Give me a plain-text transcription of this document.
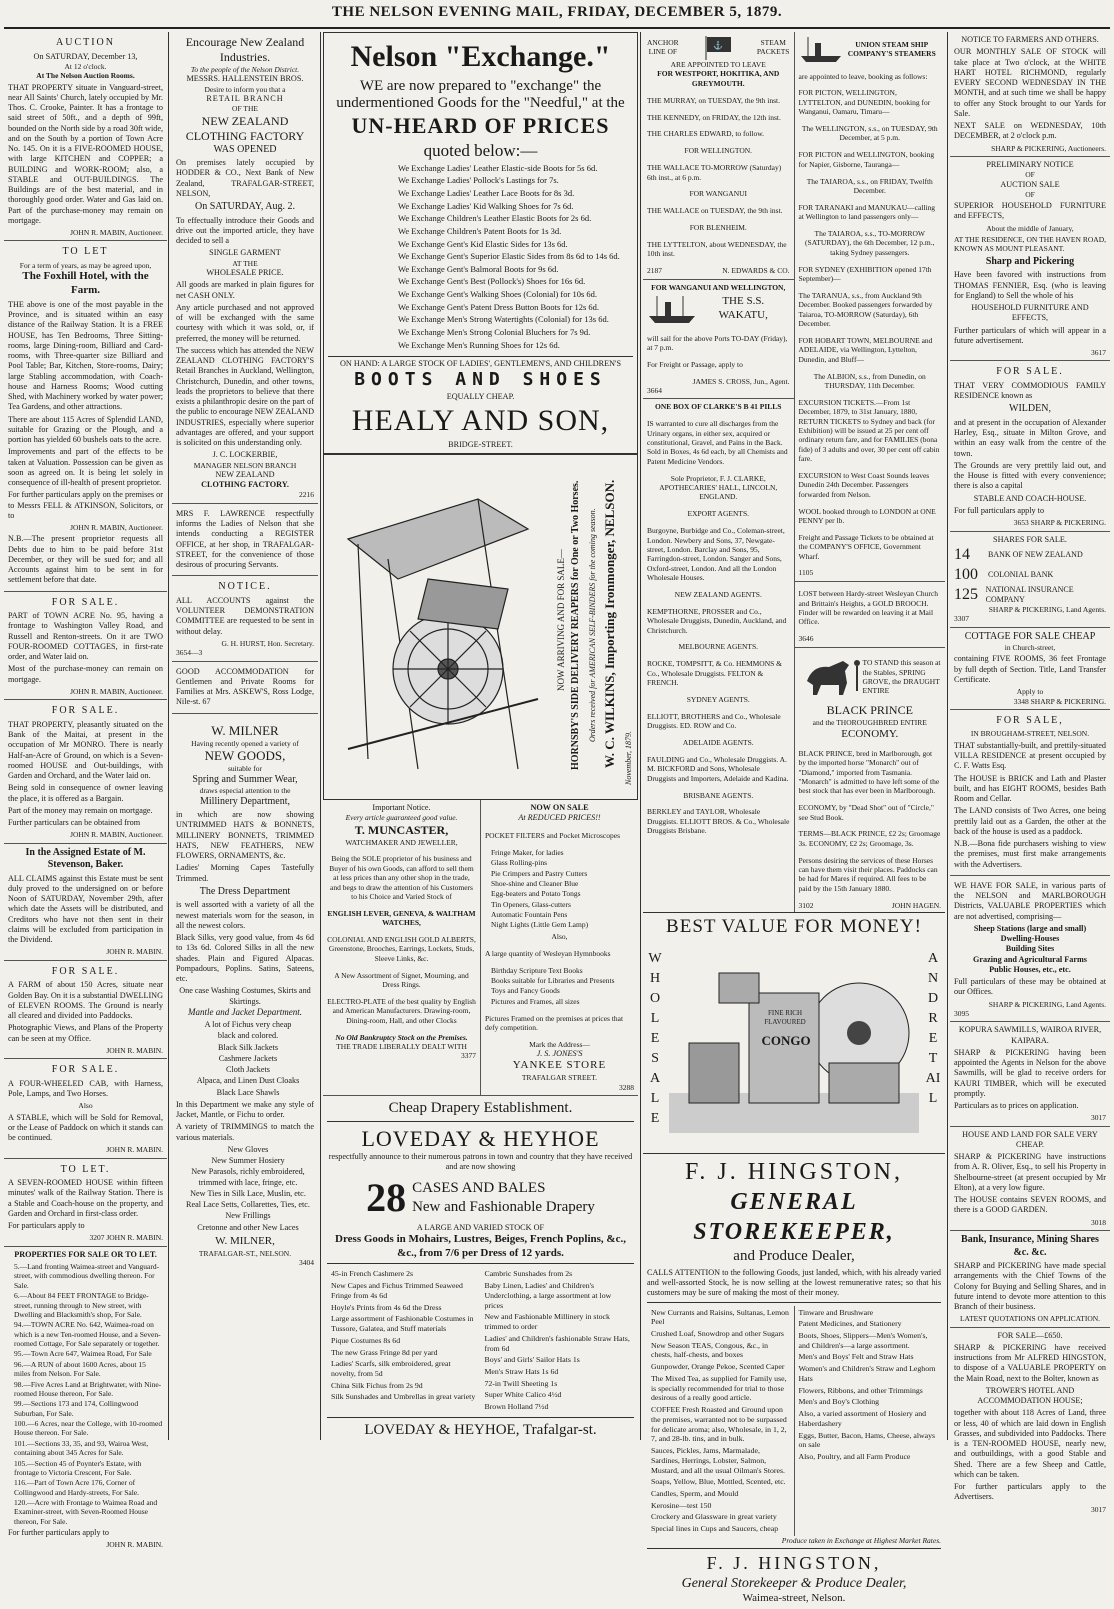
THE NELSON EVENING MAIL, FRIDAY, DECEMBER 5, 1879.
AUCTION
On SATURDAY, December 13,
At 12 o'clock.
At The Nelson Auction Rooms.

THAT PROPERTY situate in Vanguard-street, near All Saints' Church, lately occupied by Mr. Thos. C. Crooke, Painter. It has a frontage to said street of 50ft., and a depth of 99ft, bounded on the North side by a road 30ft wide, and on the South by a portion of Town Acre No. 145. On it is a FIVE-ROOMED HOUSE, with large KITCHEN and COPPER; a BUILDING and WORK-ROOM; also, a STABLE and OUT-BUILDINGS. The Buildings are of the best material, and in thoroughly good order. Water and Gas laid on. Part of the purchase-money may remain on mortgage.

JOHN R. MABIN, Auctioneer.
TO LET
For a term of years, as may be agreed upon,
The Foxhill Hotel, with the Farm.

THE above is one of the most payable in the Province, and is situated within an easy distance of the Railway Station. It is a FREE HOUSE, has Ten Bedrooms, Three Sitting-rooms, large Dining-room, Billiard and Card-rooms, with Three-quarter size Billiard and Pool Table; Bar, Kitchen, Store-rooms, Dairy; large Stabling accommodation, with Coach-house and Harness Rooms; Wood cutting Shed, with Machinery worked by water power; Tea Gardens, and other attractions.

There are about 115 Acres of Splendid LAND, suitable for Grazing or the Plough, and a portion has yielded 60 bushels oats to the acre.

Improvements and part of the effects to be taken at Valuation. Possession can be given as soon as agreed on. It is being let solely in consequence of ill-health of present proprietor.

For further particulars apply on the premises or to Messrs FELL & ATKINSON, Solicitors, or to

JOHN R. MABIN, Auctioneer.

N.B.—The present proprietor requests all Debts due to him to be paid before 31st December, or they will be sued for; and all Accounts against him to be sent in for settlement before that date.

FOR SALE.

PART of TOWN ACRE No. 95, having a frontage to Washington Valley Road, and Russell and Renton-streets. On it are TWO FOUR-ROOMED COTTAGES, in first-rate order, and Water laid on.

Most of the purchase-money can remain on mortgage.

JOHN R. MABIN, Auctioneer.
FOR SALE.

THAT PROPERTY, pleasantly situated on the Bank of the Maitai, at present in the occupation of Mr MONRO. There is nearly Half-an-Acre of Ground, on which is a Seven-roomed HOUSE and Out-buildings, with Garden and Orchard, and the Water laid on.

Being sold in consequence of owner leaving the place, it is offered as a Bargain.

Part of the money may remain on mortgage.

Further particulars can be obtained from

JOHN R. MABIN, Auctioneer.
In the Assigned Estate of M. Stevenson, Baker.

ALL CLAIMS against this Estate must be sent duly proved to the undersigned on or before Noon of SATURDAY, November 29th, after which date the Assets will be distributed, and Creditors who have not then sent in their claims will be excluded from participation in the Dividend.

JOHN R. MABIN.
FOR SALE.

A FARM of about 150 Acres, situate near Golden Bay. On it is a substantial DWELLING of ELEVEN ROOMS. The Ground is nearly all cleared and divided into Paddocks.

Photographic Views, and Plans of the Property can be seen at my Office.

JOHN R. MABIN.
FOR SALE.

A FOUR-WHEELED CAB, with Harness, Pole, Lamps, and Two Horses.

Also

A STABLE, which will be Sold for Removal, or the Lease of Paddock on which it stands can be continued.

JOHN R. MABIN.
TO LET.

A SEVEN-ROOMED HOUSE within fifteen minutes' walk of the Railway Station. There is a Stable and Coach-house on the property, and Garden and Orchard in first-class order.

For particulars apply to

3207 JOHN R. MABIN.
PROPERTIES FOR SALE OR TO LET.
5.—Land fronting Waimea-street and Vanguard-street, with commodious dwelling thereon. For Sale.
6.—About 84 FEET FRONTAGE to Bridge-street, running through to New street, with Dwelling and Blacksmith's shop, For Sale.
94.—TOWN ACRE No. 642, Waimea-road on which is a new Ten-roomed House, and a Seven-roomed Cottage, For Sale separately or together.
95.—Town Acre 647, Waimea Road, For Sale
96.—A RUN of about 1600 Acres, about 15 miles from Nelson. For Sale.
98.—Five Acres Land at Brightwater, with Nine-roomed House thereon, For Sale.
99.—Sections 173 and 174, Collingwood Suburban, For Sale.
100.—6 Acres, near the College, with 10-roomed House thereon. For Sale.
101.—Sections 33, 35, and 93, Wairoa West, containing about 345 Acres for Sale.
105.—Section 45 of Poynter's Estate, with frontage to Victoria Crescent, For Sale.
116.—Part of Town Acre 176, Corner of Collingwood and Hardy-streets, For Sale.
120.—Acre with Frontage to Waimea Road and Examiner-street, with Seven-Roomed House thereon, For Sale.

For further particulars apply to

JOHN R. MABIN.
Encourage New Zealand Industries.
To the people of the Nelson District.
MESSRS. HALLENSTEIN BROS.
Desire to inform you that a
RETAIL BRANCH
OF THE
NEW ZEALAND CLOTHING FACTORY
WAS OPENED

On premises lately occupied by HODDER & CO., Next Bank of New Zealand, TRAFALGAR-STREET, NELSON,

On SATURDAY, Aug. 2.

To effectually introduce their Goods and drive out the imported article, they have decided to sell a

SINGLE GARMENT
AT THE
WHOLESALE PRICE.

All goods are marked in plain figures for net CASH ONLY.

Any article purchased and not approved of will be exchanged with the same courtesy with which it was sold, or, if preferred, the money will be returned.

The success which has attended the NEW ZEALAND CLOTHING FACTORY'S Retail Branches in Auckland, Wellington, Christchurch, Dunedin, and other towns, leads the proprietors to believe that there exists a philanthropic desire on the part of the public to encourage NEW ZEALAND INDUSTRIES, especially where superior advantages are offered, and your support is solicited on this understanding only.

J. C. LOCKERBIE,
MANAGER NELSON BRANCH
NEW ZEALAND
CLOTHING FACTORY.
2216

MRS F. LAWRENCE respectfully informs the Ladies of Nelson that she intends conducting a REGISTER OFFICE, at her shop, in TRAFALGAR-STREET, for the convenience of those desirous of procuring Servants.

NOTICE.

ALL ACCOUNTS against the VOLUNTEER DEMONSTRATION COMMITTEE are requested to be sent in without delay.

G. H. HURST, Hon. Secretary.
3654—3

GOOD ACCOMMODATION for Gentlemen and Private Rooms for Families at Mrs. ASKEW'S, Ross Lodge, Nile-st. 67

W. MILNER
Having recently opened a variety of
NEW GOODS,
suitable for
Spring and Summer Wear,
draws especial attention to the
Millinery Department,

in which are now showing UNTRIMMED HATS & BONNETS, MILLINERY BONNETS, TRIMMED HATS, NEW FEATHERS, NEW FLOWERS, ORNAMENTS, &c.

Ladies' Morning Capes Tastefully Trimmed.

The Dress Department

is well assorted with a variety of all the newest materials worn for the season, in all the newest colors.

Black Silks, very good value, from 4s 6d to 13s 6d. Colored Silks in all the new shades. Plain and Figured Alpacas. Pompadours, Poplins. Satins, Sateens, etc.

One case Washing Costumes, Skirts and Skirtings.
Mantle and Jacket Department.
A lot of Fichus very cheap
black and colored.
Black Silk Jackets
Cashmere Jackets
Cloth Jackets
Alpaca, and Linen Dust Cloaks
Black Lace Shawls

In this Department we make any style of Jacket, Mantle, or Fichu to order.

A variety of TRIMMINGS to match the various materials.

New Gloves
New Summer Hosiery
New Parasols, richly embroidered, trimmed with lace, fringe, etc.
New Ties in Silk Lace, Muslin, etc.
Real Lace Setts, Collarettes, Ties, etc.
New Frillings
Cretonne and other New Laces
W. MILNER,
TRAFALGAR-ST., NELSON.
3404
Nelson "Exchange."
WE are now prepared to "exchange" the undermentioned Goods for the "Needful," at the
UN-HEARD OF PRICES
quoted below:—
We Exchange Ladies' Leather Elastic-side Boots for 5s 6d.
We Exchange Ladies' Pollock's Lastings for 7s.
We Exchange Ladies' Leather Lace Boots for 8s 3d.
We Exchange Ladies' Kid Walking Shoes for 7s 6d.
We Exchange Children's Leather Elastic Boots for 2s 6d.
We Exchange Children's Patent Boots for 1s 3d.
We Exchange Gent's Kid Elastic Sides for 13s 6d.
We Exchange Gent's Superior Elastic Sides from 8s 6d to 14s 6d.
We Exchange Gent's Balmoral Boots for 9s 6d.
We Exchange Gent's Best (Pollock's) Shoes for 16s 6d.
We Exchange Gent's Walking Shoes (Colonial) for 10s 6d.
We Exchange Gent's Patent Dress Button Boots for 12s 6d.
We Exchange Men's Strong Watertights (Colonial) for 13s 6d.
We Exchange Men's Strong Colonial Bluchers for 7s 9d.
We Exchange Men's Running Shoes for 12s 6d.
ON HAND: A LARGE STOCK OF LADIES', GENTLEMEN'S, AND CHILDREN'S
BOOTS AND SHOES
EQUALLY CHEAP.
HEALY AND SON,
BRIDGE-STREET.
NOW ARRIVING AND FOR SALE— HORNSBY'S SIDE DELIVERY REAPERS for One or Two Horses. Orders received for AMERICAN SELF-BINDERS for the coming season. W. C. WILKINS, Importing Ironmonger, NELSON. November, 1879.
Important Notice.
Every article guaranteed good value.
T. MUNCASTER,
WATCHMAKER AND JEWELLER,

Being the SOLE proprietor of his business and Buyer of his own Goods, can afford to sell them at less prices than any other shop in the trade, and begs to draw the attention of his Customers to his Choice and Varied Stock of

ENGLISH LEVER, GENEVA, & WALTHAM WATCHES,

COLONIAL AND ENGLISH GOLD ALBERTS, Greenstone, Brooches, Earrings, Lockets, Studs, Sleeve Links, &c.

A New Assortment of Signet, Mourning, and Dress Rings.

ELECTRO-PLATE of the best quality by English and American Manufacturers. Drawing-room, Dining-room, Hall, and other Clocks

No Old Bankruptcy Stock on the Premises.
THE TRADE LIBERALLY DEALT WITH
3377
NOW ON SALE
At REDUCED PRICES!!

POCKET FILTERS and Pocket Microscopes

Fringe Maker, for ladies
Glass Rolling-pins
Pie Crimpers and Pastry Cutters
Shoe-shine and Cleaner Blue
Egg-beaters and Potato Tongs
Tin Openers, Glass-cutters
Automatic Fountain Pens
Night Lights (Little Gem Lamp)
Also,

A large quantity of Wesleyan Hymnbooks

Birthday Scripture Text Books
Books suitable for Libraries and Presents
Toys and Fancy Goods
Pictures and Frames, all sizes

Pictures Framed on the premises at prices that defy competition.

Mark the Address—
J. S. JONES'S
YANKEE STORE
TRAFALGAR STREET.
3288
Cheap Drapery Establishment.
LOVEDAY & HEYHOE
respectfully announce to their numerous patrons in town and country that they have received and are now showing
28 CASES AND BALES
New and Fashionable Drapery
A LARGE AND VARIED STOCK OF
Dress Goods in Mohairs, Lustres, Beiges, French Poplins, &c., &c., from 7/6 per Dress of 12 yards.
45-in French Cashmere 2s
New Capes and Fichus Trimmed Seaweed Fringe from 4s 6d
Hoyle's Prints from 4s 6d the Dress
Large assortment of Fashionable Costumes in Tussore, Galatea, and Stuff materials
Pique Costumes 8s 6d
The new Grass Fringe 8d per yard
Ladies' Scarfs, silk embroidered, great novelty, from 5d
China Silk Fichus from 2s 9d
Silk Sunshades and Umbrellas in great variety

Cambric Sunshades from 2s
Baby Linen, Ladies' and Children's Underclothing, a large assortment at low prices
New and Fashionable Millinery in stock trimmed to order
Ladies' and Children's fashionable Straw Hats, from 6d
Boys' and Girls' Sailor Hats 1s
Men's Straw Hats 1s 6d
72-in Twill Sheeting 1s
Super White Calico 4½d
Brown Holland 7½d
LOVEDAY & HEYHOE, Trafalgar-st.
ANCHOR
LINE OF
⚓	STEAM
PACKETS
ARE APPOINTED TO LEAVE
FOR WESTPORT, HOKITIKA, AND GREYMOUTH.

THE MURRAY, on TUESDAY, the 9th inst.

THE KENNEDY, on FRIDAY, the 12th inst.

THE CHARLES EDWARD, to follow.

FOR WELLINGTON.

THE WALLACE TO-MORROW (Saturday) 6th inst., at 6 p.m.

FOR WANGANUI

THE WALLACE on TUESDAY, the 9th inst.

FOR BLENHEIM.

THE LYTTELTON, about WEDNESDAY, the 10th inst.

2187	N. EDWARDS & CO.
FOR WANGANUI AND WELLINGTON,
THE S.S. WAKATU,

will sail for the above Ports TO-DAY (Friday), at 7 p.m.

For Freight or Passage, apply to

JAMES S. CROSS, Jun., Agent.
3664
ONE BOX OF CLARKE'S B 41 PILLS

IS warranted to cure all discharges from the Urinary organs, in either sex, acquired or constitutional, Gravel, and Pains in the Back. Sold in Boxes, 4s 6d each, by all Chemists and Patent Medicine Vendors.

Sole Proprietor, F. J. CLARKE, APOTHECARIES' HALL, LINCOLN, ENGLAND.

EXPORT AGENTS.

Burgoyne, Burbidge and Co., Coleman-street, London. Newbery and Sons, 37, Newgate-street, London. Barclay and Sons, 95, Farringdon-street, London. Sanger and Sons, Oxford-street, London. And all the London Wholesale Houses.

NEW ZEALAND AGENTS.

KEMPTHORNE, PROSSER and Co., Wholesale Druggists, Dunedin, Auckland, and Christchurch.

MELBOURNE AGENTS.

ROCKE, TOMPSITT, & Co. HEMMONS & Co., Wholesale Druggists. FELTON & FRENCH.

SYDNEY AGENTS.

ELLIOTT, BROTHERS and Co., Wholesale Druggists. ED. ROW and Co.

ADELAIDE AGENTS.

FAULDING and Co., Wholesale Druggists. A. M. BICKFORD and Sons, Wholesale Druggists and Importers, Adelaide and Kadina.

BRISBANE AGENTS.

BERKLEY and TAYLOR, Wholesale Druggists. ELLIOTT BROS. & Co., Wholesale Druggists Brisbane.

UNION STEAM SHIP COMPANY'S STEAMERS

are appointed to leave, booking as follows:

FOR PICTON, WELLINGTON, LYTTELTON, and DUNEDIN, booking for Wanganui, Oamaru, Timaru—

The WELLINGTON, s.s., on TUESDAY, 9th December, at 5 p.m.

FOR PICTON and WELLINGTON, booking for Napier, Gisborne, Tauranga—

The TAIAROA, s.s., on FRIDAY, Twelfth December.

FOR TARANAKI and MANUKAU—calling at Wellington to land passengers only—

The TAIAROA, s.s., TO-MORROW (SATURDAY), the 6th December, 12 p.m., taking Sydney passengers.

FOR SYDNEY (EXHIBITION opened 17th September)—

The TARANUA, s.s., from Auckland 9th December. Booked passengers forwarded by Taiaroa, TO-MORROW (Saturday), 6th December.

FOR HOBART TOWN, MELBOURNE and ADELAIDE, via Wellington, Lyttelton, Dunedin, and Bluff—

The ALBION, s.s., from Dunedin, on THURSDAY, 11th December.

EXCURSION TICKETS.—From 1st December, 1879, to 31st January, 1880, RETURN TICKETS to Sydney and back (for Exhibition) will be issued at 25 per cent off ordinary return fare, and for FAMILIES (bona fide) of 3 adults and over, 30 per cent off cabin fare.

EXCURSION to West Coast Sounds leaves Dunedin 24th December. Passengers forwarded from Nelson.

WOOL booked through to LONDON at ONE PENNY per lb.

Freight and Passage Tickets to be obtained at the COMPANY'S OFFICE, Government Wharf.

1105

LOST between Hardy-street Wesleyan Church and Brittain's Heights, a GOLD BROOCH. Finder will be rewarded on leaving it at Mail Office.

3646

TO STAND this season at the Stables, SPRING GROVE, the DRAUGHT ENTIRE

BLACK PRINCE
and the THOROUGHBRED ENTIRE
ECONOMY.

BLACK PRINCE, bred in Marlborough, got by the imported horse "Monarch" out of "Diamond," imported from Tasmania. "Monarch" is admitted to have left some of the best stock that has ever been in Marlborough.

ECONOMY, by "Dead Shot" out of "Circle," see Stud Book.

TERMS—BLACK PRINCE, £2 2s; Groomage 3s. ECONOMY, £2 2s; Groomage, 3s.

Persons desiring the services of these Horses can have them visit their places. Paddocks can be had for Mares if required. All fees to be paid by the 15th January 1880.

3102	JOHN HAGEN.
BEST VALUE FOR MONEY!
WHOLESALE
AND RETAIL
FINE RICH FLAVOURED
CONGO
F. J. HINGSTON,
GENERAL STOREKEEPER,
and Produce Dealer,

CALLS ATTENTION to the following Goods, just landed, which, with his already varied and well-assorted Stock, he is now selling at the lowest remunerative rates; so that his customers may be sure of making the most of their money.

New Currants and Raisins, Sultanas, Lemon Peel
Crushed Loaf, Snowdrop and other Sugars
New Season TEAS, Congous, &c., in chests, half-chests, and boxes
Gunpowder, Orange Pekoe, Scented Caper
The Mixed Tea, as supplied for Family use, is specially recommended for trial to those desirous of a really good article.
COFFEE Fresh Roasted and Ground upon the premises, warranted not to be surpassed for delicate aroma; also, Wholesale, in 1, 2, 7, and 28-lb. tins, and in bulk.
Sauces, Pickles, Jams, Marmalade, Sardines, Herrings, Lobster, Salmon, Mustard, and all the usual Oilman's Stores.
Soaps, Yellow, Blue, Mottled, Scented, etc.
Candles, Sperm, and Mould
Kerosine—test 150
Crockery and Glassware in great variety
Special lines in Cups and Saucers, cheap

Tinware and Brushware
Patent Medicines, and Stationery
Boots, Shoes, Slippers—Men's Women's, and Children's—a large assortment.
Men's and Boys' Felt and Straw Hats
Women's and Children's Straw and Leghorn Hats
Flowers, Ribbons, and other Trimmings
Men's and Boy's Clothing
Also, a varied assortment of Hosiery and Haberdashery
Eggs, Butter, Bacon, Hams, Cheese, always on sale
Also, Poultry, and all Farm Produce
Produce taken in Exchange at Highest Market Rates.
F. J. HINGSTON,
General Storekeeper & Produce Dealer,
Waimea-street, Nelson.
NOTICE TO FARMERS AND OTHERS.

OUR MONTHLY SALE OF STOCK will take place at Two o'clock, at the WHITE HART HOTEL RICHMOND, regularly EVERY SECOND WEDNESDAY IN THE MONTH, and at such time we shall be happy to offer any Stock brought to our Yards for Sale.

NEXT SALE on WEDNESDAY, 10th DECEMBER, at 2 o'clock p.m.

SHARP & PICKERING, Auctioneers.
PRELIMINARY NOTICE
OF
AUCTION SALE
OF

SUPERIOR HOUSEHOLD FURNITURE and EFFECTS,

About the middle of January,

AT THE RESIDENCE, ON THE HAVEN ROAD, KNOWN AS MOUNT PLEASANT.

Sharp and Pickering

Have been favored with instructions from THOMAS FENNIER, Esq. (who is leaving for England) to Sell the whole of his

HOUSEHOLD FURNITURE AND EFFECTS,

Further particulars of which will appear in a future advertisement.

3617
FOR SALE.

THAT VERY COMMODIOUS FAMILY RESIDENCE known as

WILDEN,

and at present in the occupation of Alexander Harley, Esq., situate in Milton Grove, and within an easy walk from the centre of the town.

The Grounds are very prettily laid out, and the House is fitted with every convenience; there is also a capital

STABLE AND COACH-HOUSE.

For full particulars apply to

3653 SHARP & PICKERING.
SHARES FOR SALE.
14	BANK OF NEW ZEALAND
100	COLONIAL BANK
125 NATIONAL INSURANCE COMPANY
SHARP & PICKERING, Land Agents.
3307
COTTAGE FOR SALE CHEAP
in Church-street,

containing FIVE ROOMS, 36 feet Frontage by full depth of Section. Title, Land Transfer Certificate.

Apply to
3348 SHARP & PICKERING.
FOR SALE,
IN BROUGHAM-STREET, NELSON.

THAT substantially-built, and prettily-situated VILLA RESIDENCE at present occupied by C. F. Watts Esq.

The HOUSE is BRICK and Lath and Plaster built, and has EIGHT ROOMS, besides Bath Room and Cellar.

The LAND consists of Two Acres, one being prettily laid out as a Garden, the other at the back of the house is used as a paddock.

N.B.—Bona fide purchasers wishing to view the premises, must first make arrangements with the Advertisers.

WE HAVE FOR SALE, in various parts of the NELSON and MARLBOROUGH Districts, VALUABLE PROPERTIES which are not advertised, comprising—

Sheep Stations (large and small)
Dwelling-Houses
Building Sites
Grazing and Agricultural Farms
Public Houses, etc., etc.

Full particulars of these may be obtained at our Offices.

SHARP & PICKERING, Land Agents.
3095
KOPURA SAWMILLS, WAIROA RIVER, KAIPARA.

SHARP & PICKERING having been appointed the Agents in Nelson for the above Sawmills, will be glad to receive orders for KAURI TIMBER, which will be executed promptly.

Particulars as to prices on application.

3017
HOUSE AND LAND FOR SALE VERY CHEAP.

SHARP & PICKERING have instructions from A. R. Oliver, Esq., to sell his Property in Shelbourne-street (at present occupied by Mr Elton), at a very low figure.

The HOUSE contains SEVEN ROOMS, and there is a GOOD GARDEN.

3018
Bank, Insurance, Mining Shares &c. &c.

SHARP and PICKERING have made special arrangements with the Chief Towns of the Colony for Buying and Selling Shares, and in future intend to devote more attention to this Branch of their business.

LATEST QUOTATIONS ON APPLICATION.
FOR SALE—£650.

SHARP & PICKERING have received instructions from Mr ALFRED HINGSTON, to dispose of a VALUABLE PROPERTY on the Main Road, next to the Bolter, known as

TROWER'S HOTEL AND ACCOMMODATION HOUSE;

together with about 118 Acres of Land, three or less, 40 of which are laid down in English Grasses, and subdivided into Paddocks. There is a TEN-ROOMED HOUSE, nearly new, and outbuildings, with a good Stable and Shed. There are a few Sheep and Cattle, which can be taken.

For further particulars apply to the Advertisers.

3017
